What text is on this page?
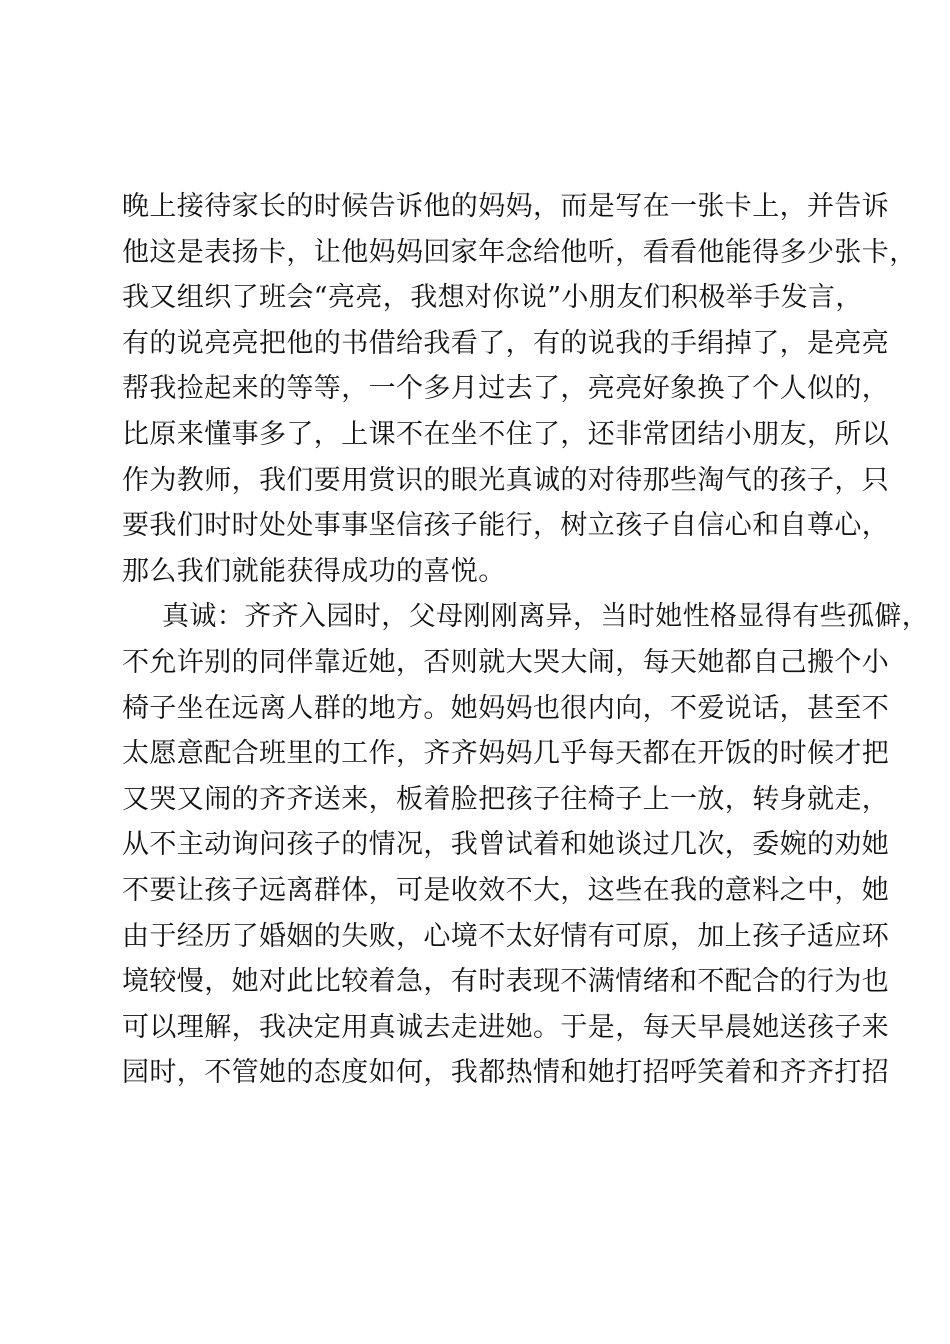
晚上接待家长的时候告诉他的妈妈，而是写在一张卡上，并告诉
他这是表扬卡，让他妈妈回家年念给他听，看看他能得多少张卡，
我又组织了班会“亮亮，我想对你说”小朋友们积极举手发言，
有的说亮亮把他的书借给我看了，有的说我的手绢掉了，是亮亮
帮我捡起来的等等，一个多月过去了，亮亮好象换了个人似的，
比原来懂事多了，上课不在坐不住了，还非常团结小朋友，所以
作为教师，我们要用赏识的眼光真诚的对待那些淘气的孩子，只
要我们时时处处事事坚信孩子能行，树立孩子自信心和自尊心，
那么我们就能获得成功的喜悦。
真诚：齐齐入园时，父母刚刚离异，当时她性格显得有些孤僻，
不允许别的同伴靠近她，否则就大哭大闹，每天她都自己搬个小
椅子坐在远离人群的地方。她妈妈也很内向，不爱说话，甚至不
太愿意配合班里的工作，齐齐妈妈几乎每天都在开饭的时候才把
又哭又闹的齐齐送来，板着脸把孩子往椅子上一放，转身就走，
从不主动询问孩子的情况，我曾试着和她谈过几次，委婉的劝她
不要让孩子远离群体，可是收效不大，这些在我的意料之中，她
由于经历了婚姻的失败，心境不太好情有可原，加上孩子适应环
境较慢，她对此比较着急，有时表现不满情绪和不配合的行为也
可以理解，我决定用真诚去走进她。于是，每天早晨她送孩子来
园时，不管她的态度如何，我都热情和她打招呼笑着和齐齐打招
